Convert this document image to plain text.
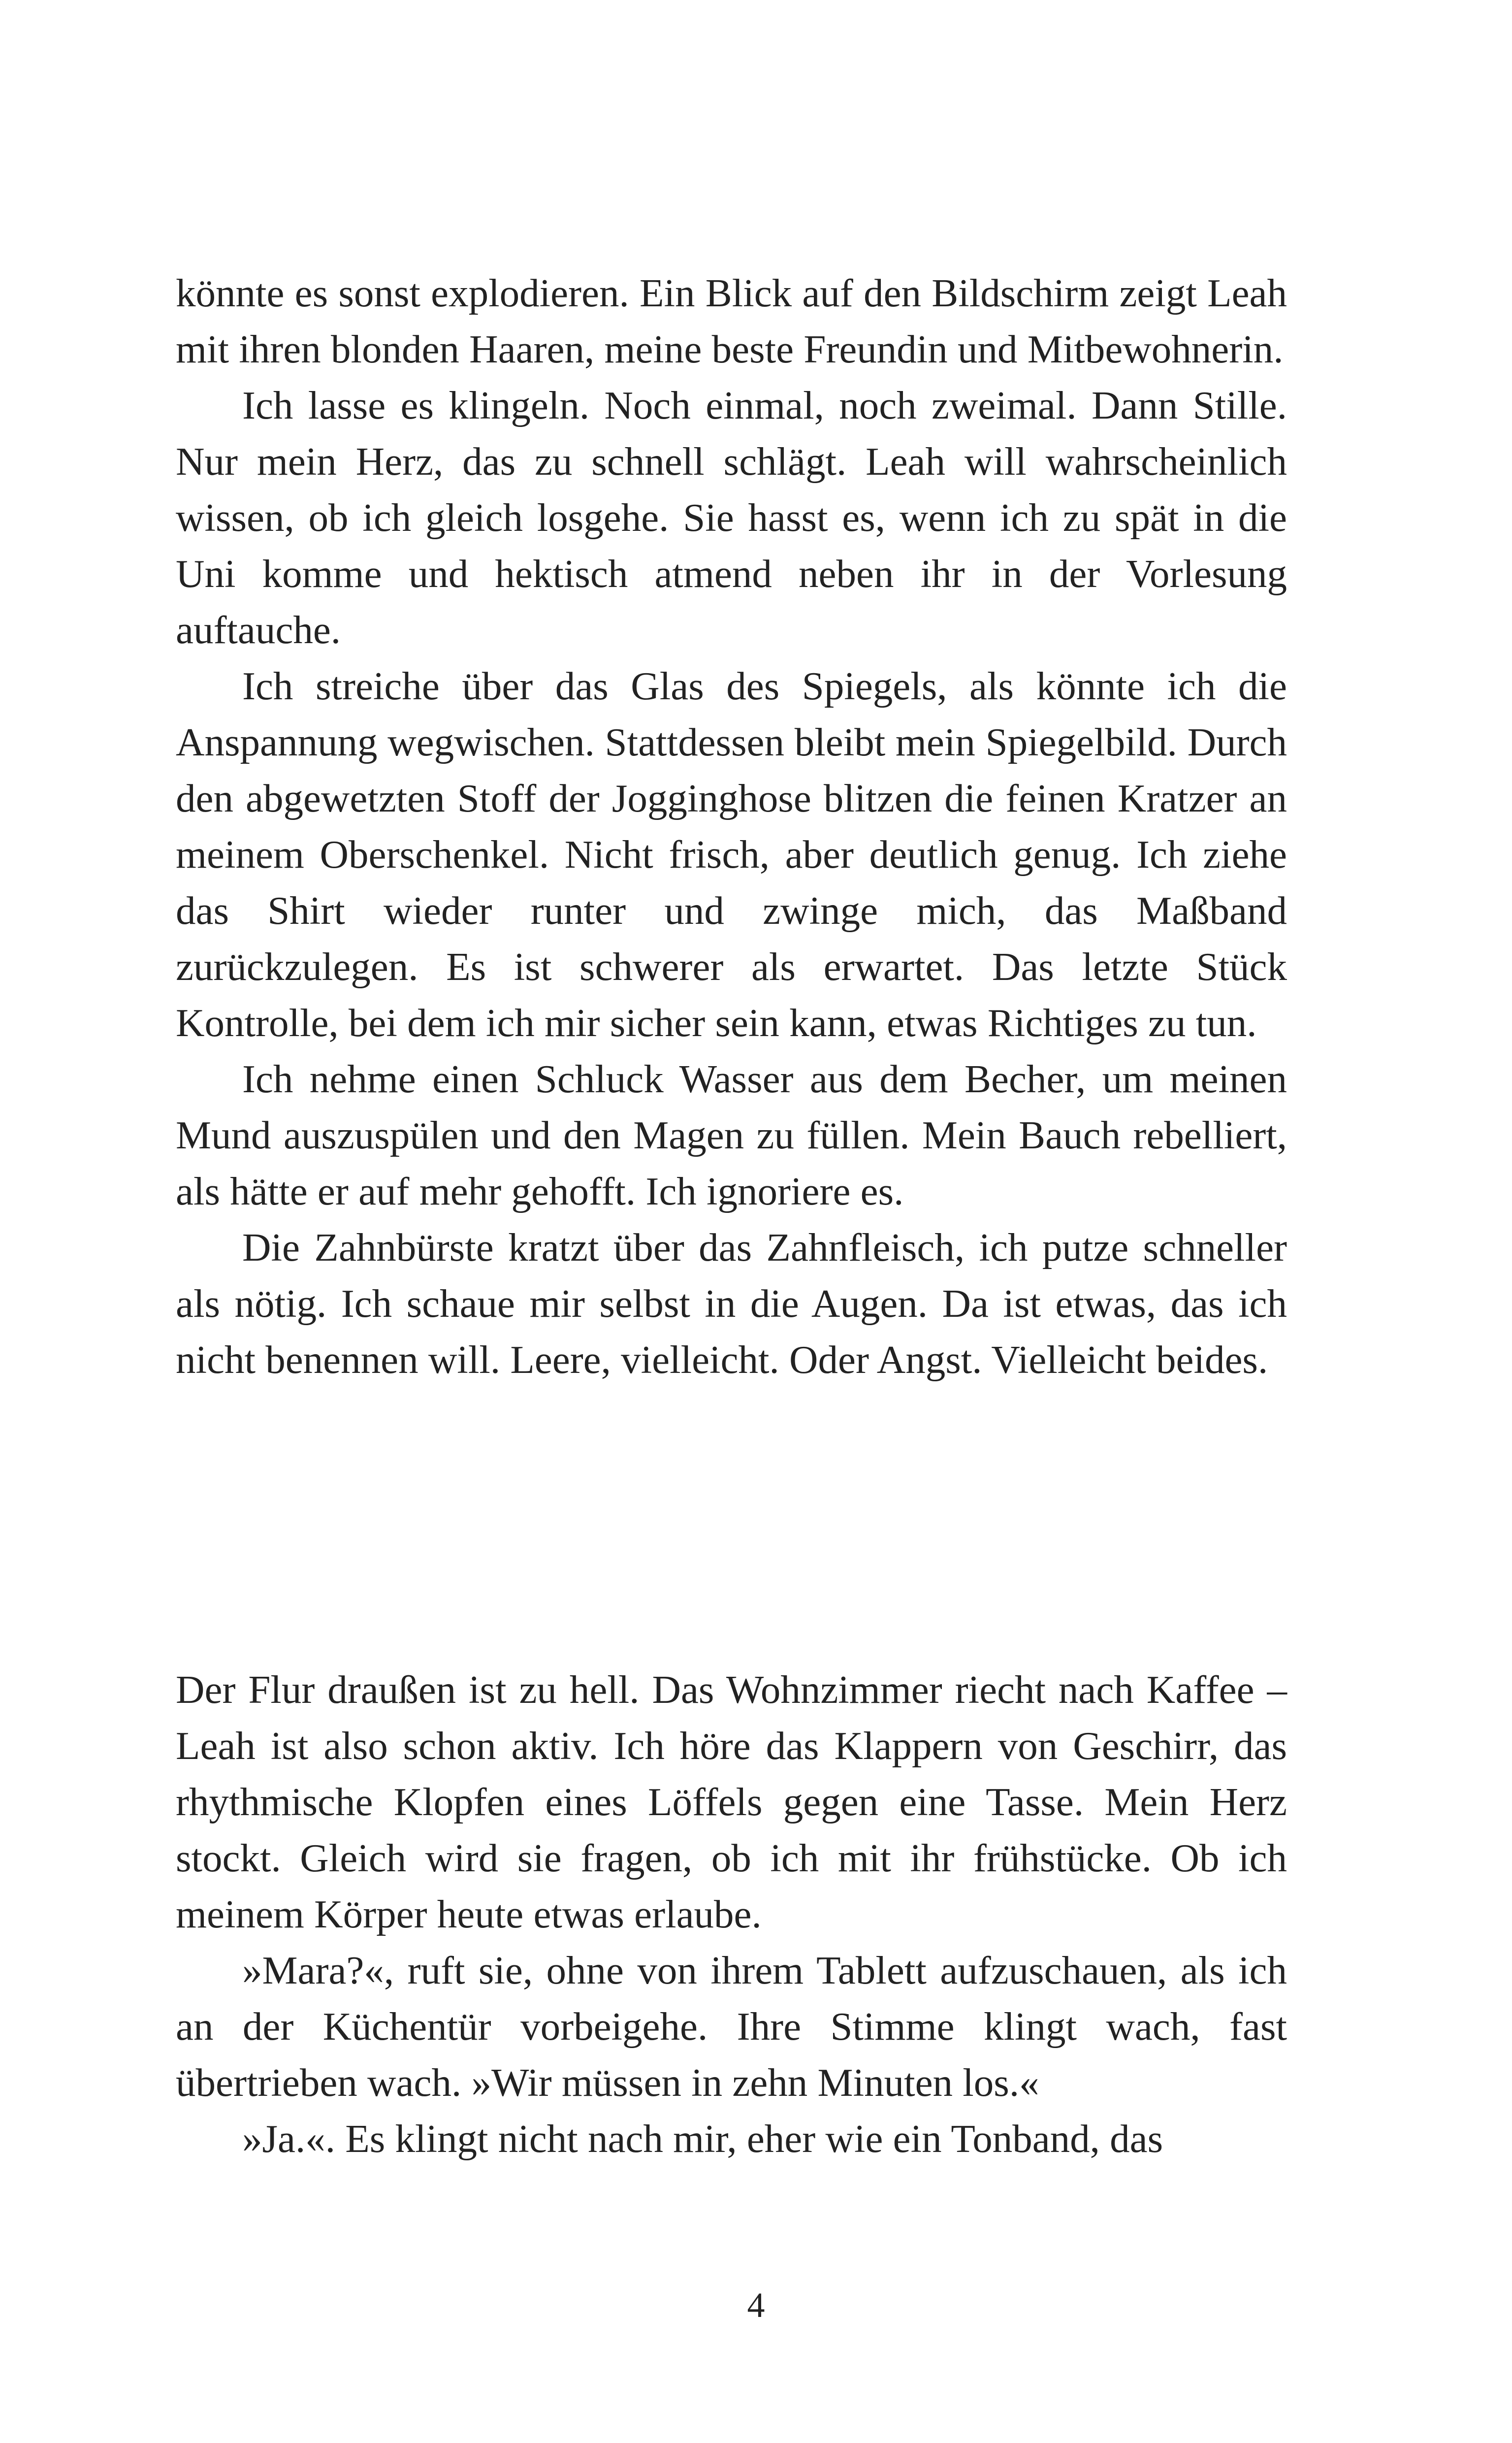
könnte es sonst explodieren. Ein Blick auf den Bildschirm zeigt Leah mit ihren blonden Haaren, meine beste Freundin und Mitbewohnerin.

Ich lasse es klingeln. Noch einmal, noch zweimal. Dann Stille. Nur mein Herz, das zu schnell schlägt. Leah will wahrscheinlich wissen, ob ich gleich losgehe. Sie hasst es, wenn ich zu spät in die Uni komme und hektisch atmend neben ihr in der Vorlesung auftauche.

Ich streiche über das Glas des Spiegels, als könnte ich die Anspannung wegwischen. Stattdessen bleibt mein Spiegelbild. Durch den abgewetzten Stoff der Jogginghose blitzen die feinen Kratzer an meinem Oberschenkel. Nicht frisch, aber deutlich genug. Ich ziehe das Shirt wieder runter und zwinge mich, das Maßband zurückzulegen. Es ist schwerer als erwartet. Das letzte Stück Kontrolle, bei dem ich mir sicher sein kann, etwas Richtiges zu tun.

Ich nehme einen Schluck Wasser aus dem Becher, um meinen Mund auszuspülen und den Magen zu füllen. Mein Bauch rebelliert, als hätte er auf mehr gehofft. Ich ignoriere es.

Die Zahnbürste kratzt über das Zahnfleisch, ich putze schneller als nötig. Ich schaue mir selbst in die Augen. Da ist etwas, das ich nicht benennen will. Leere, vielleicht. Oder Angst. Vielleicht beides.

Der Flur draußen ist zu hell. Das Wohnzimmer riecht nach Kaffee – Leah ist also schon aktiv. Ich höre das Klappern von Geschirr, das rhythmische Klopfen eines Löffels gegen eine Tasse. Mein Herz stockt. Gleich wird sie fragen, ob ich mit ihr frühstücke. Ob ich meinem Körper heute etwas erlaube.

»Mara?«, ruft sie, ohne von ihrem Tablett aufzuschauen, als ich an der Küchentür vorbeigehe. Ihre Stimme klingt wach, fast übertrieben wach. »Wir müssen in zehn Minuten los.«

»Ja.«. Es klingt nicht nach mir, eher wie ein Tonband, das

4
